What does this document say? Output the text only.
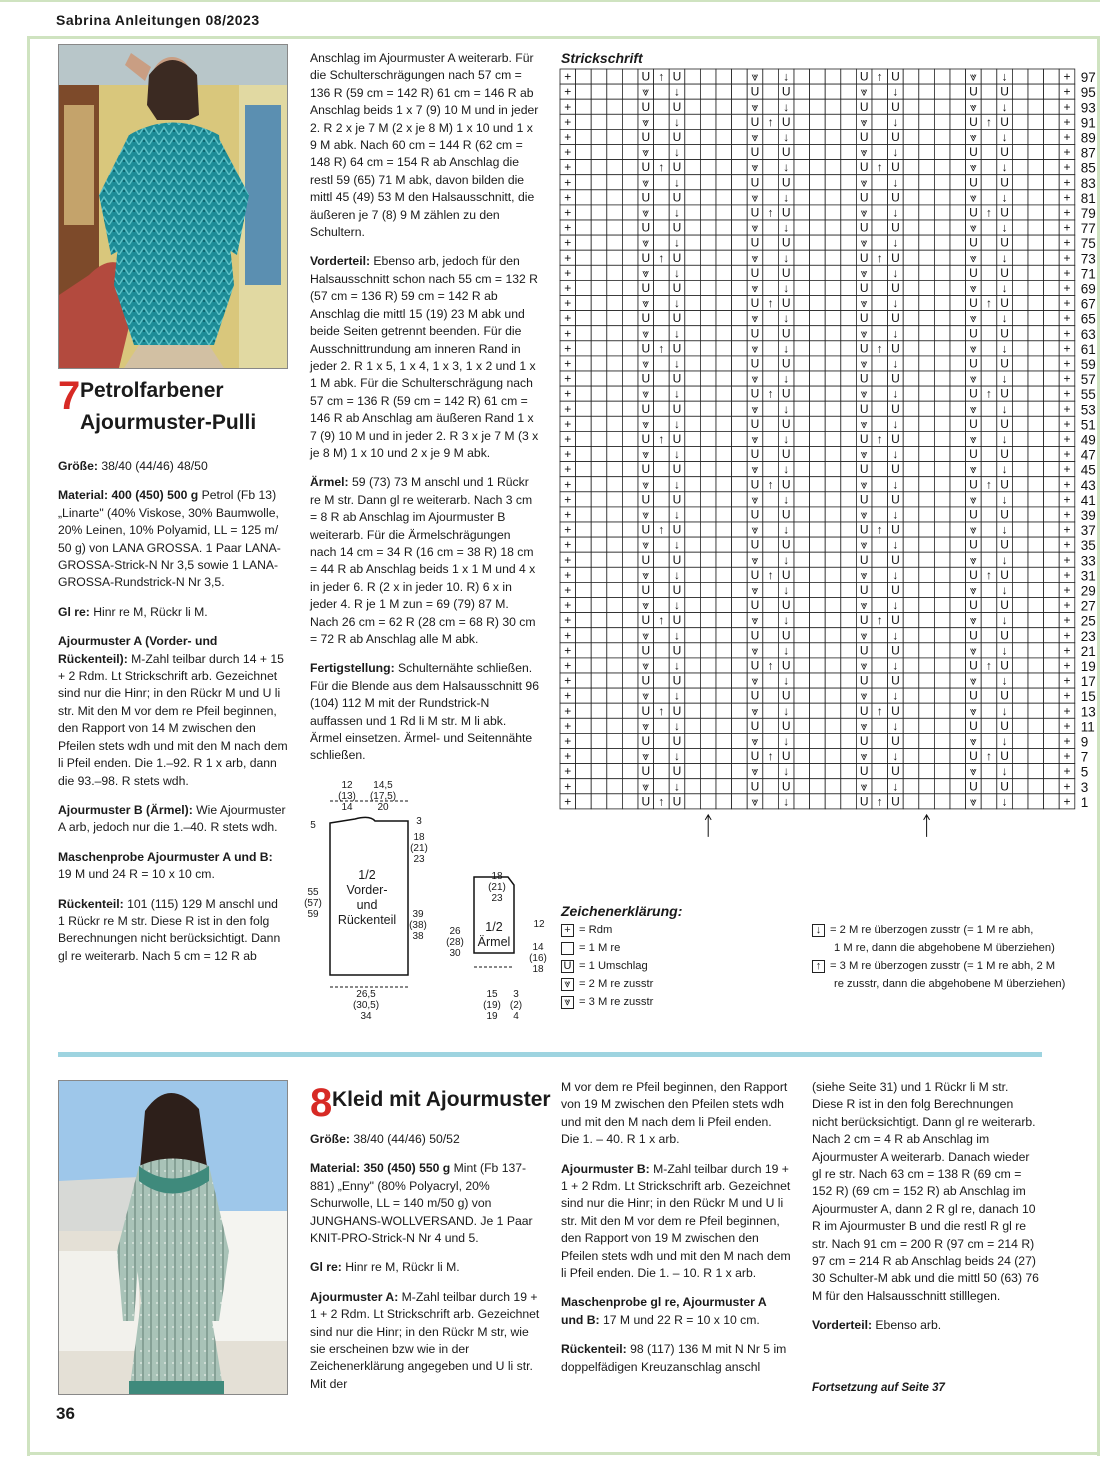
Sabrina Anleitungen 08/2023
7 Petrolfarbener
Ajourmuster-Pulli

Größe: 38/40 (44/46) 48/50

Material: 400 (450) 500 g Petrol (Fb 13) „Linarte" (40% Viskose, 30% Baumwolle, 20% Leinen, 10% Polyamid, LL = 125 m/ 50 g) von LANA GROSSA. 1 Paar LANA-GROSSA-Strick-N Nr 3,5 sowie 1 LANA-GROSSA-Rundstrick-N Nr 3,5.

Gl re: Hinr re M, Rückr li M.

Ajourmuster A (Vorder- und Rückenteil): M-Zahl teilbar durch 14 + 15 + 2 Rdm. Lt Strickschrift arb. Gezeichnet sind nur die Hinr; in den Rückr M und U li str. Mit den M vor dem re Pfeil beginnen, den Rapport von 14 M zwischen den Pfeilen stets wdh und mit den M nach dem li Pfeil enden. Die 1.–92. R 1 x arb, dann die 93.–98. R stets wdh.

Ajourmuster B (Ärmel): Wie Ajourmuster A arb, jedoch nur die 1.–40. R stets wdh.

Maschenprobe Ajourmuster A und B: 19 M und 24 R = 10 x 10 cm.

Rückenteil: 101 (115) 129 M anschl und 1 Rückr re M str. Diese R ist in den folg Berechnungen nicht berücksichtigt. Dann gl re weiterarb. Nach 5 cm = 12 R ab

Anschlag im Ajourmuster A weiterarb. Für die Schulterschrägungen nach 57 cm = 136 R (59 cm = 142 R) 61 cm = 146 R ab Anschlag beids 1 x 7 (9) 10 M und in jeder 2. R 2 x je 7 M (2 x je 8 M) 1 x 10 und 1 x 9 M abk. Nach 60 cm = 144 R (62 cm = 148 R) 64 cm = 154 R ab Anschlag die restl 59 (65) 71 M abk, davon bilden die mittl 45 (49) 53 M den Halsausschnitt, die äußeren je 7 (8) 9 M zählen zu den Schultern.

Vorderteil: Ebenso arb, jedoch für den Halsausschnitt schon nach 55 cm = 132 R (57 cm = 136 R) 59 cm = 142 R ab Anschlag die mittl 15 (19) 23 M abk und beide Seiten getrennt beenden. Für die Ausschnittrundung am inneren Rand in jeder 2. R 1 x 5, 1 x 4, 1 x 3, 1 x 2 und 1 x 1 M abk. Für die Schulterschrägung nach 57 cm = 136 R (59 cm = 142 R) 61 cm = 146 R ab Anschlag am äußeren Rand 1 x 7 (9) 10 M und in jeder 2. R 3 x je 7 M (3 x je 8 M) 1 x 10 und 2 x je 9 M abk.

Ärmel: 59 (73) 73 M anschl und 1 Rückr re M str. Dann gl re weiterarb. Nach 3 cm = 8 R ab Anschlag im Ajourmuster B weiterarb. Für die Ärmelschrägungen nach 14 cm = 34 R (16 cm = 38 R) 18 cm = 44 R ab Anschlag beids 1 x 1 M und 4 x in jeder 6. R (2 x in jeder 10. R) 6 x in jeder 4. R je 1 M zun = 69 (79) 87 M. Nach 26 cm = 62 R (28 cm = 68 R) 30 cm = 72 R ab Anschlag alle M abk.

Fertigstellung: Schulternähte schließen. Für die Blende aus dem Halsausschnitt 96 (104) 112 M mit der Rundstrick-N auffassen und 1 Rd li M str. M li abk. Ärmel einsetzen. Ärmel- und Seitennähte schließen.

12
(13)
14
14,5
(17,5)
20
5	3
18
(21)
23
1/2
Vorder-
und
Rückenteil
55
(57)
59	39
(38)
38
26,5
(30,5)
34
18
(21)
23
1/2
Ärmel
26
(28)
30
12
14
(16)
18
15
(19)
19
3
(2)
4
Strickschrift
+	U ↑ U	⩔ ↓	U ↑ U	⩔ ↓	+ 97
+	⩔ ↓	U U	⩔ ↓	U U	+ 95
+	U U	⩔ ↓	U U	⩔ ↓	+ 93
+	⩔ ↓	U ↑ U	⩔ ↓	U ↑ U	+ 91
+	U U	⩔ ↓	U U	⩔ ↓	+ 89
+	⩔ ↓	U U	⩔ ↓	U U	+ 87
+	U ↑ U	⩔ ↓	U ↑ U	⩔ ↓	+ 85
+	⩔ ↓	U U	⩔ ↓	U U	+ 83
+	U U	⩔ ↓	U U	⩔ ↓	+ 81
+	⩔ ↓	U ↑ U	⩔ ↓	U ↑ U	+ 79
+	U U	⩔ ↓	U U	⩔ ↓	+ 77
+	⩔ ↓	U U	⩔ ↓	U U	+ 75
+	U ↑ U	⩔ ↓	U ↑ U	⩔ ↓	+ 73
+	⩔ ↓	U U	⩔ ↓	U U	+ 71
+	U U	⩔ ↓	U U	⩔ ↓	+ 69
+	⩔ ↓	U ↑ U	⩔ ↓	U ↑ U	+ 67
+	U U	⩔ ↓	U U	⩔ ↓	+ 65
+	⩔ ↓	U U	⩔ ↓	U U	+ 63
+	U ↑ U	⩔ ↓	U ↑ U	⩔ ↓	+ 61
+	⩔ ↓	U U	⩔ ↓	U U	+ 59
+	U U	⩔ ↓	U U	⩔ ↓	+ 57
+	⩔ ↓	U ↑ U	⩔ ↓	U ↑ U	+ 55
+	U U	⩔ ↓	U U	⩔ ↓	+ 53
+	⩔ ↓	U U	⩔ ↓	U U	+ 51
+	U ↑ U	⩔ ↓	U ↑ U	⩔ ↓	+ 49
+	⩔ ↓	U U	⩔ ↓	U U	+ 47
+	U U	⩔ ↓	U U	⩔ ↓	+ 45
+	⩔ ↓	U ↑ U	⩔ ↓	U ↑ U	+ 43
+	U U	⩔ ↓	U U	⩔ ↓	+ 41
+	⩔ ↓	U U	⩔ ↓	U U	+ 39
+	U ↑ U	⩔ ↓	U ↑ U	⩔ ↓	+ 37
+	⩔ ↓	U U	⩔ ↓	U U	+ 35
+	U U	⩔ ↓	U U	⩔ ↓	+ 33
+	⩔ ↓	U ↑ U	⩔ ↓	U ↑ U	+ 31
+	U U	⩔ ↓	U U	⩔ ↓	+ 29
+	⩔ ↓	U U	⩔ ↓	U U	+ 27
+	U ↑ U	⩔ ↓	U ↑ U	⩔ ↓	+ 25
+	⩔ ↓	U U	⩔ ↓	U U	+ 23
+	U U	⩔ ↓	U U	⩔ ↓	+ 21
+	⩔ ↓	U ↑ U	⩔ ↓	U ↑ U	+ 19
+	U U	⩔ ↓	U U	⩔ ↓	+ 17
+	⩔ ↓	U U	⩔ ↓	U U	+ 15
+	U ↑ U	⩔ ↓	U ↑ U	⩔ ↓	+ 13
+	⩔ ↓	U U	⩔ ↓	U U	+ 11
+	U U	⩔ ↓	U U	⩔ ↓	+ 9
+	⩔ ↓	U ↑ U	⩔ ↓	U ↑ U	+ 7
+	U U	⩔ ↓	U U	⩔ ↓	+ 5
+	⩔ ↓	U U	⩔ ↓	U U	+ 3
+	U ↑ U	⩔ ↓	U ↑ U	⩔ ↓	+ 1
Zeichenerklärung:
+ = Rdm
= 1 M re
U = 1 Umschlag
⩔ = 2 M re zusstr
⩔ = 3 M re zusstr
↓ = 2 M re überzogen zusstr (= 1 M re abh,
1 M re, dann die abgehobene M überziehen)
↑ = 3 M re überzogen zusstr (= 1 M re abh, 2 M
re zusstr, dann die abgehobene M überziehen)
8 Kleid mit Ajourmuster

Größe: 38/40 (44/46) 50/52

Material: 350 (450) 550 g Mint (Fb 137-881) „Enny" (80% Polyacryl, 20% Schurwolle, LL = 140 m/50 g) von JUNGHANS-WOLLVERSAND. Je 1 Paar KNIT-PRO-Strick-N Nr 4 und 5.

Gl re: Hinr re M, Rückr li M.

Ajourmuster A: M-Zahl teilbar durch 19 + 1 + 2 Rdm. Lt Strickschrift arb. Gezeichnet sind nur die Hinr; in den Rückr M str, wie sie erscheinen bzw wie in der Zeichenerklärung angegeben und U li str. Mit der

M vor dem re Pfeil beginnen, den Rapport von 19 M zwischen den Pfeilen stets wdh und mit den M nach dem li Pfeil enden. Die 1. – 40. R 1 x arb.

Ajourmuster B: M-Zahl teilbar durch 19 + 1 + 2 Rdm. Lt Strickschrift arb. Gezeichnet sind nur die Hinr; in den Rückr M und U li str. Mit den M vor dem re Pfeil beginnen, den Rapport von 19 M zwischen den Pfeilen stets wdh und mit den M nach dem li Pfeil enden. Die 1. – 10. R 1 x arb.

Maschenprobe gl re, Ajourmuster A und B: 17 M und 22 R = 10 x 10 cm.

Rückenteil: 98 (117) 136 M mit N Nr 5 im doppelfädigen Kreuzanschlag anschl

(siehe Seite 31) und 1 Rückr li M str. Diese R ist in den folg Berechnungen nicht berücksichtigt. Dann gl re weiterarb. Nach 2 cm = 4 R ab Anschlag im Ajourmuster A weiterarb. Danach wieder gl re str. Nach 63 cm = 138 R (69 cm = 152 R) (69 cm = 152 R) ab Anschlag im Ajourmuster A, dann 2 R gl re, danach 10 R im Ajourmuster B und die restl R gl re str. Nach 91 cm = 200 R (97 cm = 214 R) 97 cm = 214 R ab Anschlag beids 24 (27) 30 Schulter-M abk und die mittl 50 (63) 76 M für den Halsausschnitt stilllegen.

Vorderteil: Ebenso arb.

Fortsetzung auf Seite 37
36
